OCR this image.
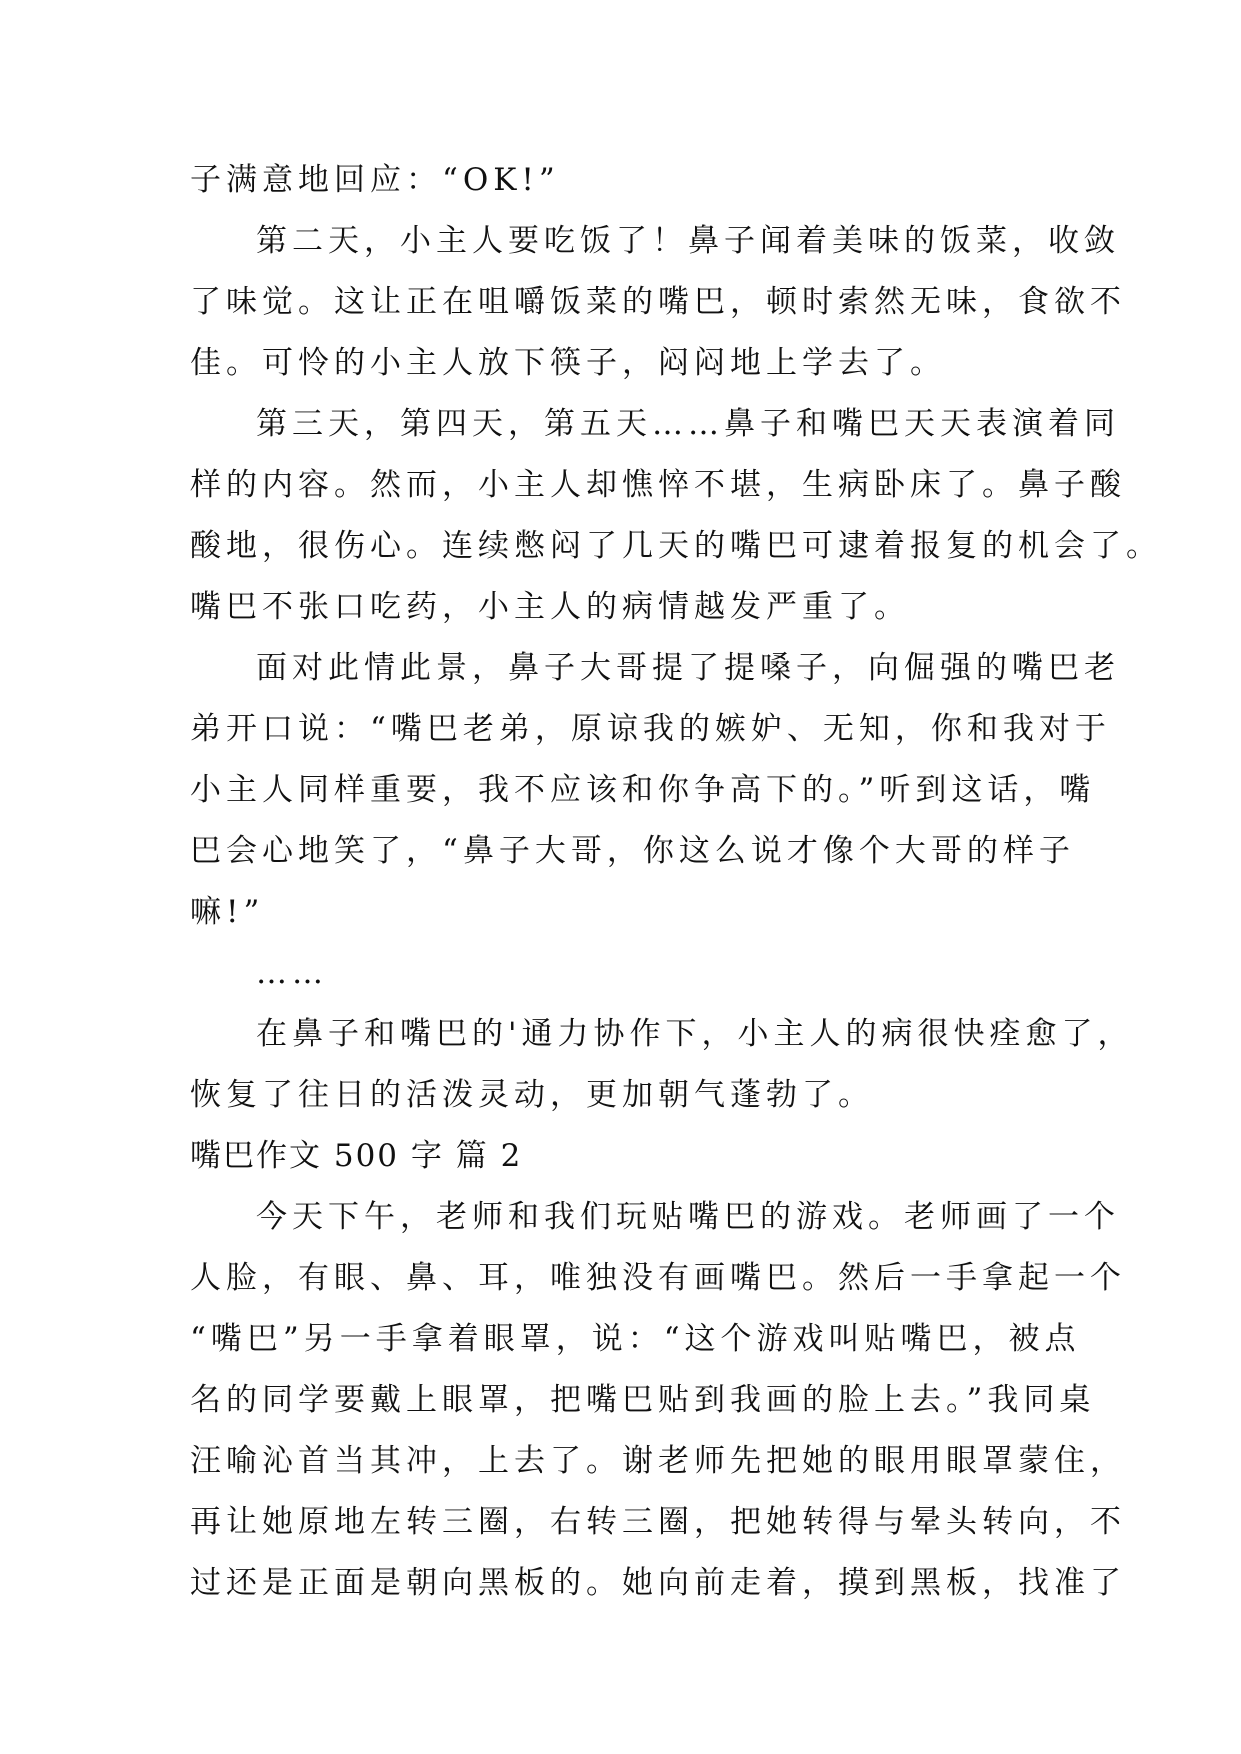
子满意地回应：“OK!”
第二天，小主人要吃饭了！鼻子闻着美味的饭菜，收敛
了味觉。这让正在咀嚼饭菜的嘴巴，顿时索然无味，食欲不
佳。可怜的小主人放下筷子，闷闷地上学去了。
第三天，第四天，第五天……鼻子和嘴巴天天表演着同
样的内容。然而，小主人却憔悴不堪，生病卧床了。鼻子酸
酸地，很伤心。连续憋闷了几天的嘴巴可逮着报复的机会了。
嘴巴不张口吃药，小主人的病情越发严重了。
面对此情此景，鼻子大哥提了提嗓子，向倔强的嘴巴老
弟开口说：“嘴巴老弟，原谅我的嫉妒、无知，你和我对于
小主人同样重要，我不应该和你争高下的。”听到这话，嘴
巴会心地笑了，“鼻子大哥，你这么说才像个大哥的样子
嘛!”
……
在鼻子和嘴巴的'通力协作下，小主人的病很快痊愈了，
恢复了往日的活泼灵动，更加朝气蓬勃了。
嘴巴作文 500 字 篇 2
今天下午，老师和我们玩贴嘴巴的游戏。老师画了一个
人脸，有眼、鼻、耳，唯独没有画嘴巴。然后一手拿起一个
“嘴巴”另一手拿着眼罩，说：“这个游戏叫贴嘴巴，被点
名的同学要戴上眼罩，把嘴巴贴到我画的脸上去。”我同桌
汪喻沁首当其冲，上去了。谢老师先把她的眼用眼罩蒙住，
再让她原地左转三圈，右转三圈，把她转得与晕头转向，不
过还是正面是朝向黑板的。她向前走着，摸到黑板，找准了
